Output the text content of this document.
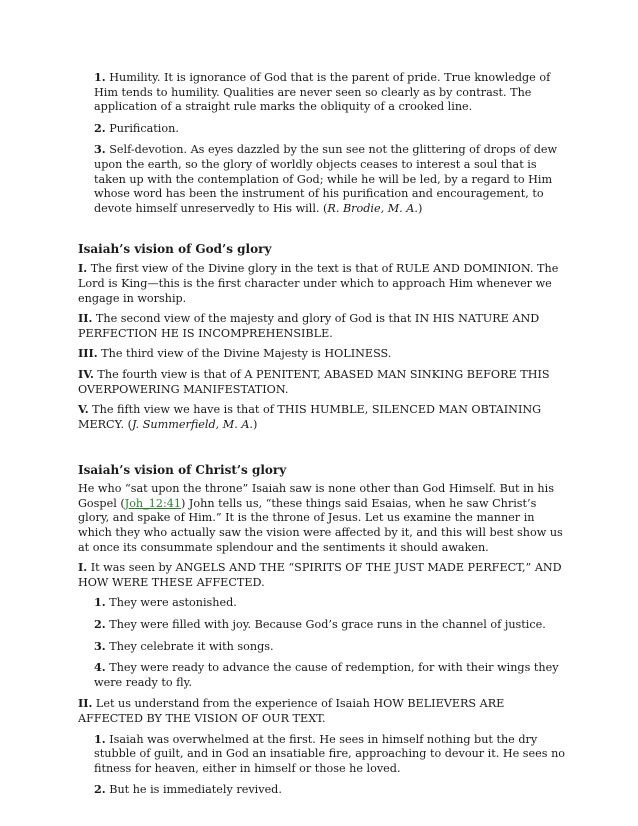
1. Humility. It is ignorance of God that is the parent of pride. True knowledge of Him tends to humility. Qualities are never seen so clearly as by contrast. The application of a straight rule marks the obliquity of a crooked line.

2. Purification.

3. Self-devotion. As eyes dazzled by the sun see not the glittering of drops of dew upon the earth, so the glory of worldly objects ceases to interest a soul that is taken up with the contemplation of God; while he will be led, by a regard to Him whose word has been the instrument of his purification and encouragement, to devote himself unreservedly to His will. (R. Brodie, M. A.)

Isaiah’s vision of God’s glory

I. The first view of the Divine glory in the text is that of RULE AND DOMINION. The Lord is King—this is the first character under which to approach Him whenever we engage in worship.

II. The second view of the majesty and glory of God is that IN HIS NATURE AND PERFECTION HE IS INCOMPREHENSIBLE.

III. The third view of the Divine Majesty is HOLINESS.

IV. The fourth view is that of A PENITENT, ABASED MAN SINKING BEFORE THIS OVERPOWERING MANIFESTATION.

V. The fifth view we have is that of THIS HUMBLE, SILENCED MAN OBTAINING MERCY. (J. Summerfield, M. A.)

Isaiah’s vision of Christ’s glory

He who “sat upon the throne” Isaiah saw is none other than God Himself. But in his Gospel (Joh_12:41) John tells us, “these things said Esaias, when he saw Christ’s glory, and spake of Him.” It is the throne of Jesus. Let us examine the manner in which they who actually saw the vision were affected by it, and this will best show us at once its consummate splendour and the sentiments it should awaken.

I. It was seen by ANGELS AND THE “SPIRITS OF THE JUST MADE PERFECT,” AND HOW WERE THESE AFFECTED.

1. They were astonished.

2. They were filled with joy. Because God’s grace runs in the channel of justice.

3. They celebrate it with songs.

4. They were ready to advance the cause of redemption, for with their wings they were ready to fly.

II. Let us understand from the experience of Isaiah HOW BELIEVERS ARE AFFECTED BY THE VISION OF OUR TEXT.

1. Isaiah was overwhelmed at the first. He sees in himself nothing but the dry stubble of guilt, and in God an insatiable fire, approaching to devour it. He sees no fitness for heaven, either in himself or those he loved.

2. But he is immediately revived.
